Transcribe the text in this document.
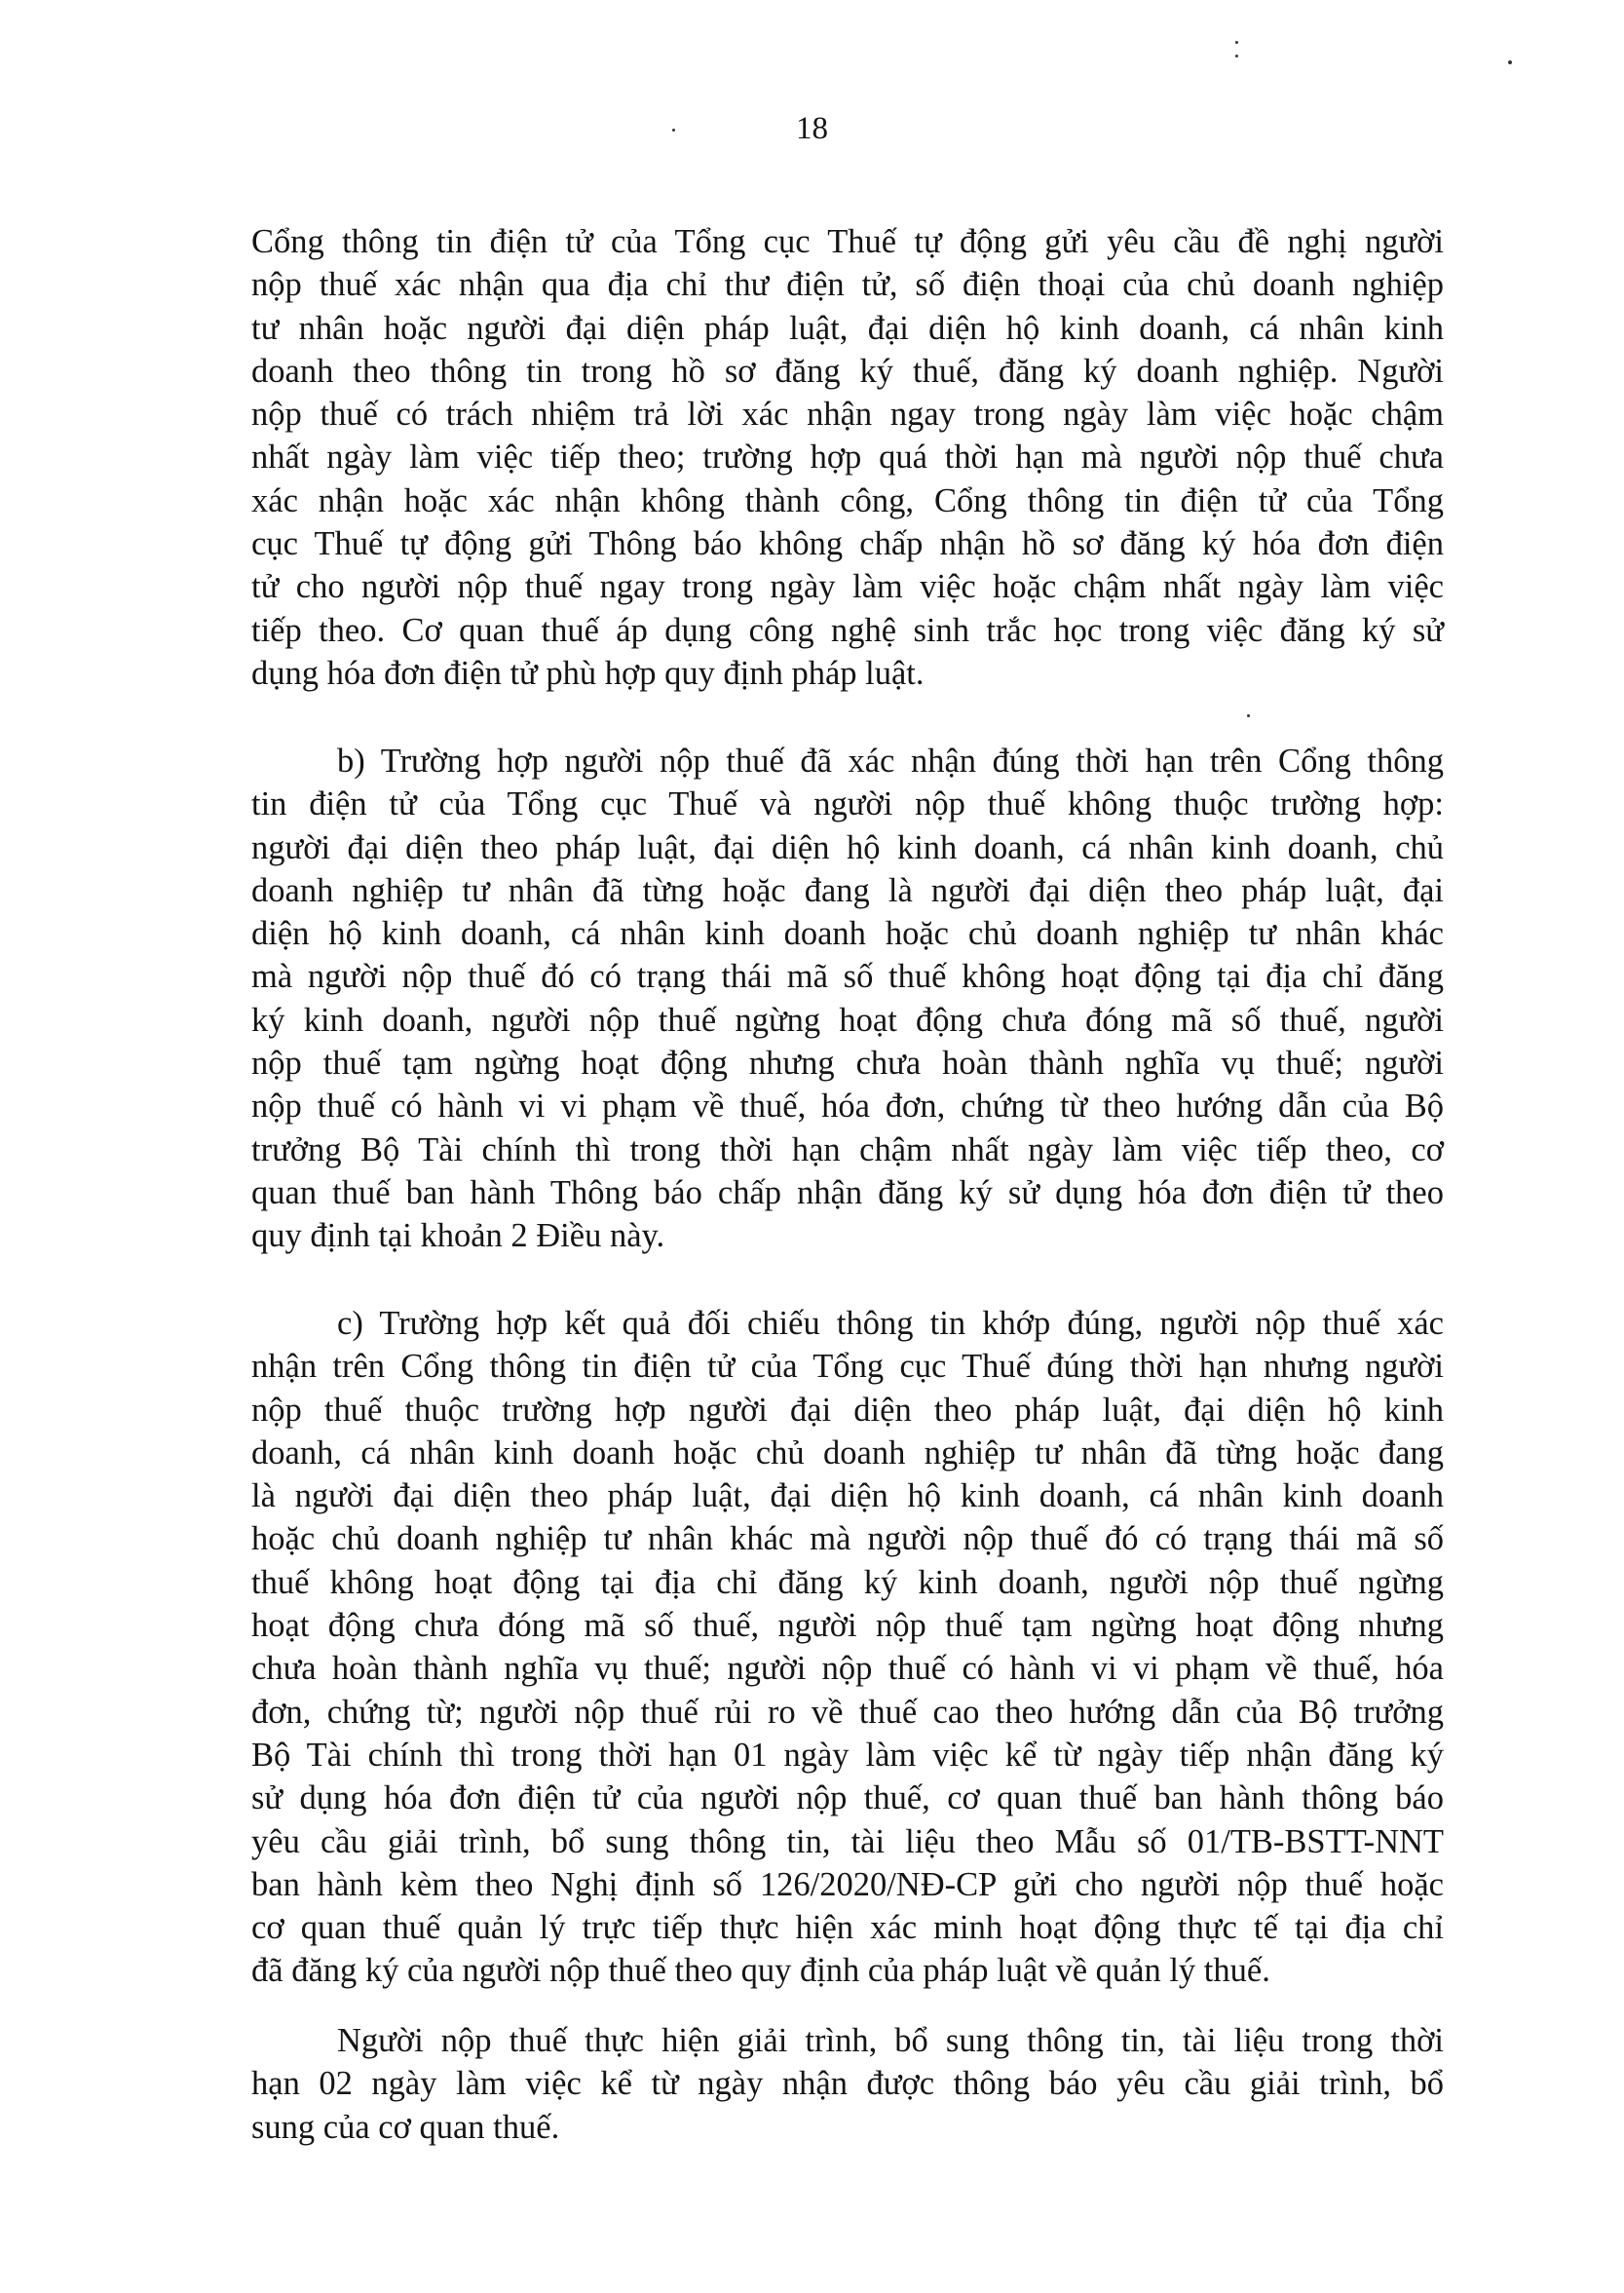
18
Cổng thông tin điện tử của Tổng cục Thuế tự động gửi yêu cầu đề nghị người
nộp thuế xác nhận qua địa chỉ thư điện tử, số điện thoại của chủ doanh nghiệp
tư nhân hoặc người đại diện pháp luật, đại diện hộ kinh doanh, cá nhân kinh
doanh theo thông tin trong hồ sơ đăng ký thuế, đăng ký doanh nghiệp. Người
nộp thuế có trách nhiệm trả lời xác nhận ngay trong ngày làm việc hoặc chậm
nhất ngày làm việc tiếp theo; trường hợp quá thời hạn mà người nộp thuế chưa
xác nhận hoặc xác nhận không thành công, Cổng thông tin điện tử của Tổng
cục Thuế tự động gửi Thông báo không chấp nhận hồ sơ đăng ký hóa đơn điện
tử cho người nộp thuế ngay trong ngày làm việc hoặc chậm nhất ngày làm việc
tiếp theo. Cơ quan thuế áp dụng công nghệ sinh trắc học trong việc đăng ký sử
dụng hóa đơn điện tử phù hợp quy định pháp luật.
b) Trường hợp người nộp thuế đã xác nhận đúng thời hạn trên Cổng thông
tin điện tử của Tổng cục Thuế và người nộp thuế không thuộc trường hợp:
người đại diện theo pháp luật, đại diện hộ kinh doanh, cá nhân kinh doanh, chủ
doanh nghiệp tư nhân đã từng hoặc đang là người đại diện theo pháp luật, đại
diện hộ kinh doanh, cá nhân kinh doanh hoặc chủ doanh nghiệp tư nhân khác
mà người nộp thuế đó có trạng thái mã số thuế không hoạt động tại địa chỉ đăng
ký kinh doanh, người nộp thuế ngừng hoạt động chưa đóng mã số thuế, người
nộp thuế tạm ngừng hoạt động nhưng chưa hoàn thành nghĩa vụ thuế; người
nộp thuế có hành vi vi phạm về thuế, hóa đơn, chứng từ theo hướng dẫn của Bộ
trưởng Bộ Tài chính thì trong thời hạn chậm nhất ngày làm việc tiếp theo, cơ
quan thuế ban hành Thông báo chấp nhận đăng ký sử dụng hóa đơn điện tử theo
quy định tại khoản 2 Điều này.
c) Trường hợp kết quả đối chiếu thông tin khớp đúng, người nộp thuế xác
nhận trên Cổng thông tin điện tử của Tổng cục Thuế đúng thời hạn nhưng người
nộp thuế thuộc trường hợp người đại diện theo pháp luật, đại diện hộ kinh
doanh, cá nhân kinh doanh hoặc chủ doanh nghiệp tư nhân đã từng hoặc đang
là người đại diện theo pháp luật, đại diện hộ kinh doanh, cá nhân kinh doanh
hoặc chủ doanh nghiệp tư nhân khác mà người nộp thuế đó có trạng thái mã số
thuế không hoạt động tại địa chỉ đăng ký kinh doanh, người nộp thuế ngừng
hoạt động chưa đóng mã số thuế, người nộp thuế tạm ngừng hoạt động nhưng
chưa hoàn thành nghĩa vụ thuế; người nộp thuế có hành vi vi phạm về thuế, hóa
đơn, chứng từ; người nộp thuế rủi ro về thuế cao theo hướng dẫn của Bộ trưởng
Bộ Tài chính thì trong thời hạn 01 ngày làm việc kể từ ngày tiếp nhận đăng ký
sử dụng hóa đơn điện tử của người nộp thuế, cơ quan thuế ban hành thông báo
yêu cầu giải trình, bổ sung thông tin, tài liệu theo Mẫu số 01/TB-BSTT-NNT
ban hành kèm theo Nghị định số 126/2020/NĐ-CP gửi cho người nộp thuế hoặc
cơ quan thuế quản lý trực tiếp thực hiện xác minh hoạt động thực tế tại địa chỉ
đã đăng ký của người nộp thuế theo quy định của pháp luật về quản lý thuế.
Người nộp thuế thực hiện giải trình, bổ sung thông tin, tài liệu trong thời
hạn 02 ngày làm việc kể từ ngày nhận được thông báo yêu cầu giải trình, bổ
sung của cơ quan thuế.
